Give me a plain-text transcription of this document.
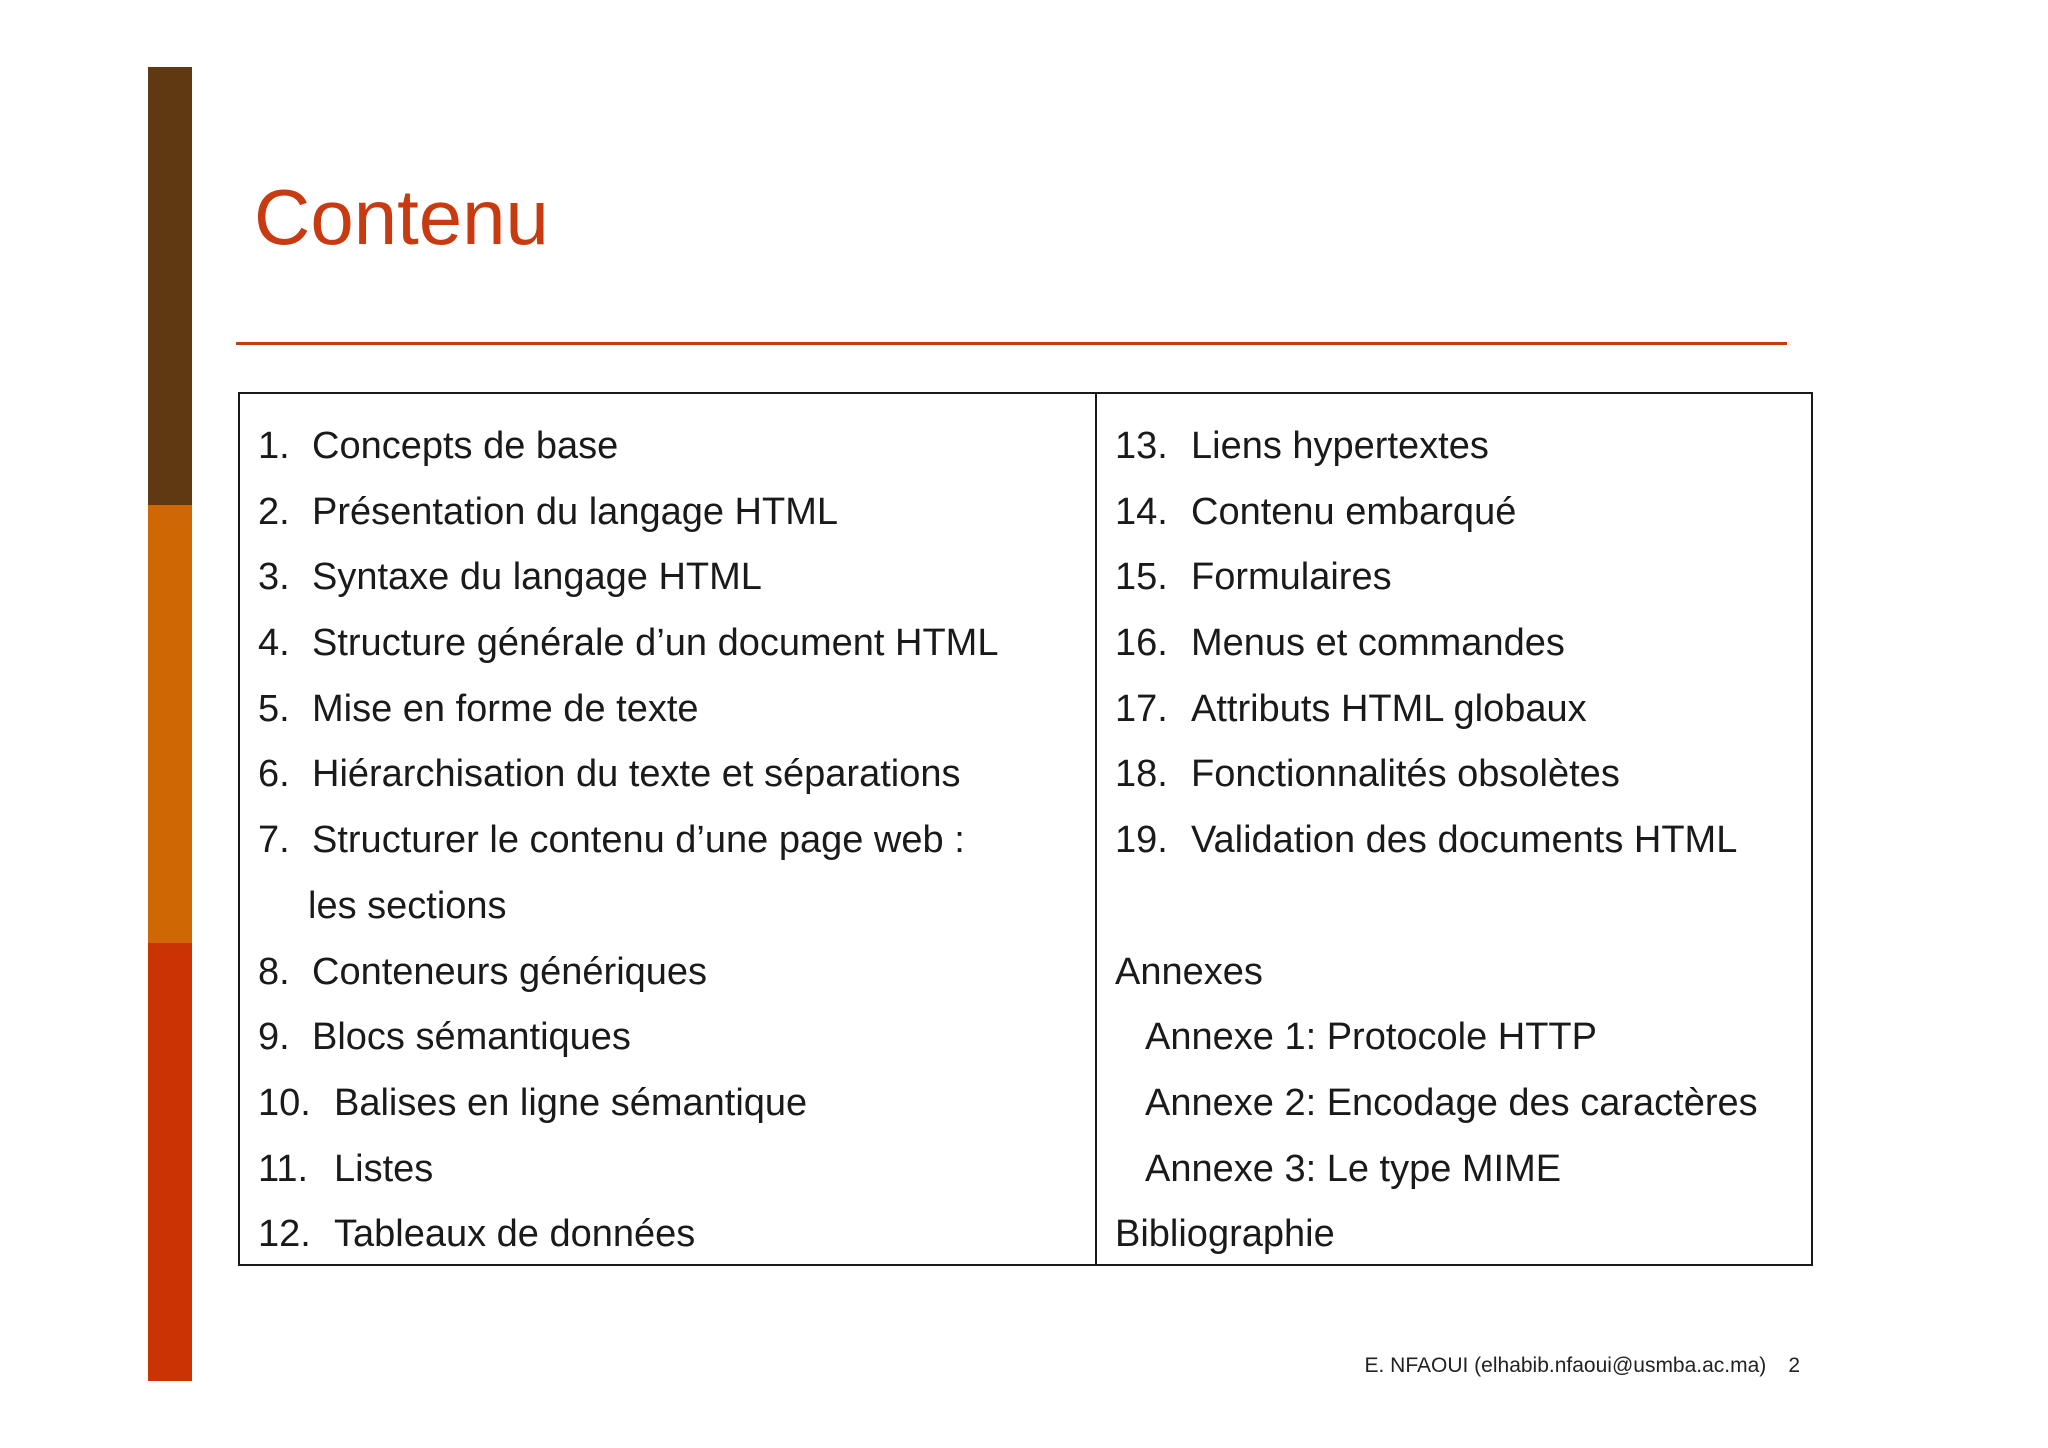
Contenu
1. Concepts de base
2. Présentation du langage HTML
3. Syntaxe du langage HTML
4. Structure générale d’un document HTML
5. Mise en forme de texte
6. Hiérarchisation du texte et séparations
7. Structurer le contenu d’une page web :
les sections
8. Conteneurs génériques
9. Blocs sémantiques
10. Balises en ligne sémantique
11. Listes
12. Tableaux de données
13. Liens hypertextes
14. Contenu embarqué
15. Formulaires
16. Menus et commandes
17. Attributs HTML globaux
18. Fonctionnalités obsolètes
19. Validation des documents HTML
Annexes
Annexe 1: Protocole HTTP
Annexe 2: Encodage des caractères
Annexe 3: Le type MIME
Bibliographie
E. NFAOUI (elhabib.nfaoui@usmba.ac.ma) 2
